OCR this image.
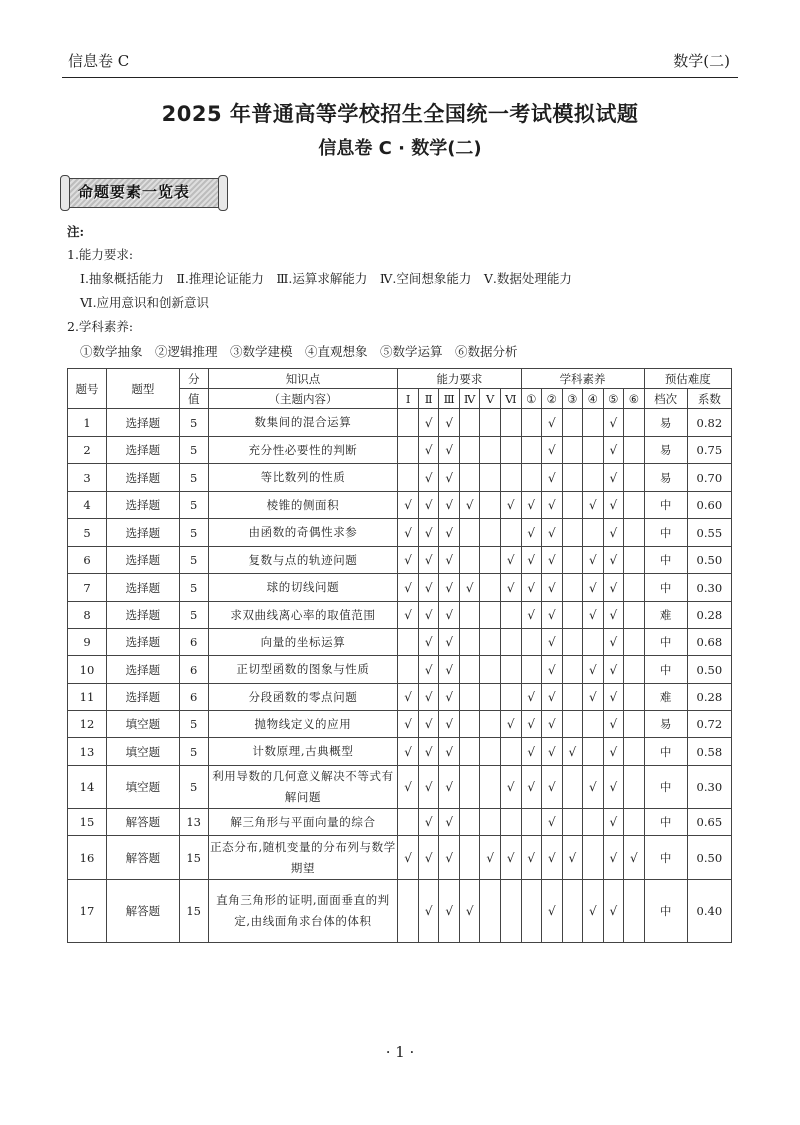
信息卷 C	数学(二)
2025 年普通高等学校招生全国统一考试模拟试题
信息卷 C · 数学(二)
命题要素一览表
注:
1.能力要求:
Ⅰ.抽象概括能力　Ⅱ.推理论证能力　Ⅲ.运算求解能力　Ⅳ.空间想象能力　Ⅴ.数据处理能力
Ⅵ.应用意识和创新意识
2.学科素养:
①数学抽象　②逻辑推理　③数学建模　④直观想象　⑤数学运算　⑥数据分析
题号	题型	分	知识点	能力要求						学科素养						预估难度	
		值	（主题内容）	Ⅰ	Ⅱ	Ⅲ	Ⅳ	Ⅴ	Ⅵ	①	②	③	④	⑤	⑥	档次	系数
1	选择题	5	数集间的混合运算		√	√					√			√		易	0.82
2	选择题	5	充分性必要性的判断		√	√					√			√		易	0.75
3	选择题	5	等比数列的性质		√	√					√			√		易	0.70
4	选择题	5	棱锥的侧面积	√	√	√	√		√	√	√		√	√		中	0.60
5	选择题	5	由函数的奇偶性求参	√	√	√				√	√			√		中	0.55
6	选择题	5	复数与点的轨迹问题	√	√	√			√	√	√		√	√		中	0.50
7	选择题	5	球的切线问题	√	√	√	√		√	√	√		√	√		中	0.30
8	选择题	5	求双曲线离心率的取值范围	√	√	√				√	√		√	√		难	0.28
9	选择题	6	向量的坐标运算		√	√					√			√		中	0.68
10	选择题	6	正切型函数的图象与性质		√	√					√		√	√		中	0.50
11	选择题	6	分段函数的零点问题	√	√	√				√	√		√	√		难	0.28
12	填空题	5	抛物线定义的应用	√	√	√			√	√	√			√		易	0.72
13	填空题	5	计数原理,古典概型	√	√	√				√	√	√		√		中	0.58
14	填空题	5	利用导数的几何意义解决不等式有解问题	√	√	√			√	√	√		√	√		中	0.30
15	解答题	13	解三角形与平面向量的综合		√	√					√			√		中	0.65
16	解答题	15	正态分布,随机变量的分布列与数学期望	√	√	√		√	√	√	√	√		√	√	中	0.50
17	解答题	15	直角三角形的证明,面面垂直的判定,由线面角求台体的体积		√	√	√				√		√	√		中	0.40
· 1 ·
